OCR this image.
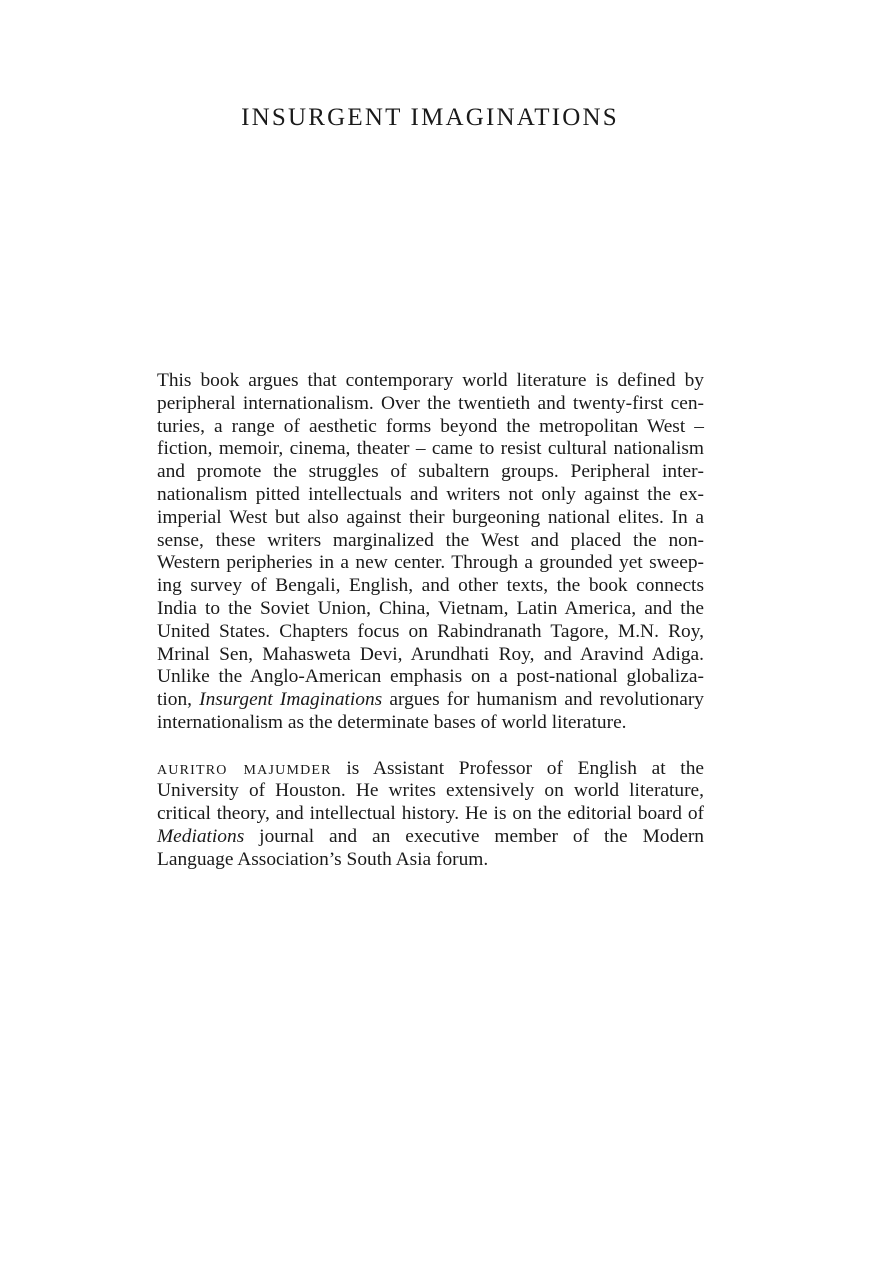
INSURGENT IMAGINATIONS

This book argues that contemporary world literature is defined by peripheral internationalism. Over the twentieth and twenty-first centuries, a range of aesthetic forms beyond the metropolitan West – fiction, memoir, cinema, theater – came to resist cultural nationalism and promote the struggles of subaltern groups. Peripheral internationalism pitted intellectuals and writers not only against the ex-imperial West but also against their burgeoning national elites. In a sense, these writers marginalized the West and placed the non-Western peripheries in a new center. Through a grounded yet sweeping survey of Bengali, English, and other texts, the book connects India to the Soviet Union, China, Vietnam, Latin America, and the United States. Chapters focus on Rabindranath Tagore, M.N. Roy, Mrinal Sen, Mahasweta Devi, Arundhati Roy, and Aravind Adiga. Unlike the Anglo-American emphasis on a post-national globalization, Insurgent Imaginations argues for humanism and revolutionary internationalism as the determinate bases of world literature.

auritro majumder is Assistant Professor of English at the University of Houston. He writes extensively on world literature, critical theory, and intellectual history. He is on the editorial board of Mediations journal and an executive member of the Modern Language Association’s South Asia forum.
